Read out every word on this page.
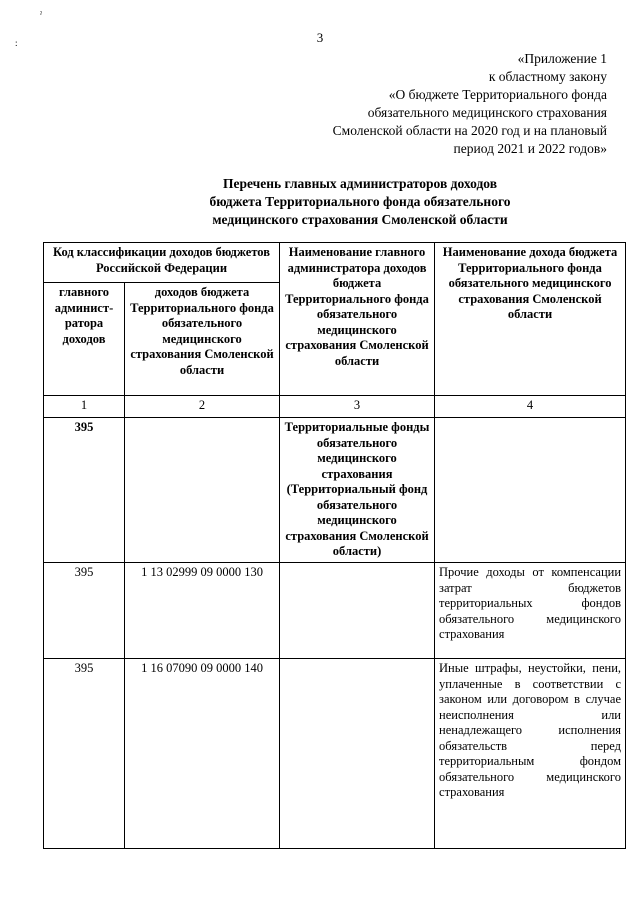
ˀ
:	3
«Приложение 1
к областному закону
«О бюджете Территориального фонда
обязательного медицинского страхования
Смоленской области на 2020 год и на плановый
период 2021 и 2022 годов»
Перечень главных администраторов доходов
бюджета Территориального фонда обязательного
медицинского страхования Смоленской области
Код классификации доходов бюджетов Российской Федерации		Наименование главного администратора доходов бюджета Территориального фонда обязательного медицинского страхования Смоленской области	Наименование дохода бюджета Территориального фонда обязательного медицинского страхования Смоленской области
главного админист-ратора доходов	доходов бюджета Территориального фонда обязательного медицинского страхования Смоленской области		
1	2	3	4
395		Территориальные фонды обязательного медицинского страхования (Территориальный фонд обязательного медицинского страхования Смоленской области)	
395	1 13 02999 09 0000 130		Прочие доходы от компенсации затрат бюджетов территориальных фондов обязательного медицинского страхования
395	1 16 07090 09 0000 140		Иные штрафы, неустойки, пени, уплаченные в соответствии с законом или договором в случае неисполнения или ненадлежащего исполнения обязательств перед территориальным фондом обязательного медицинского страхования
